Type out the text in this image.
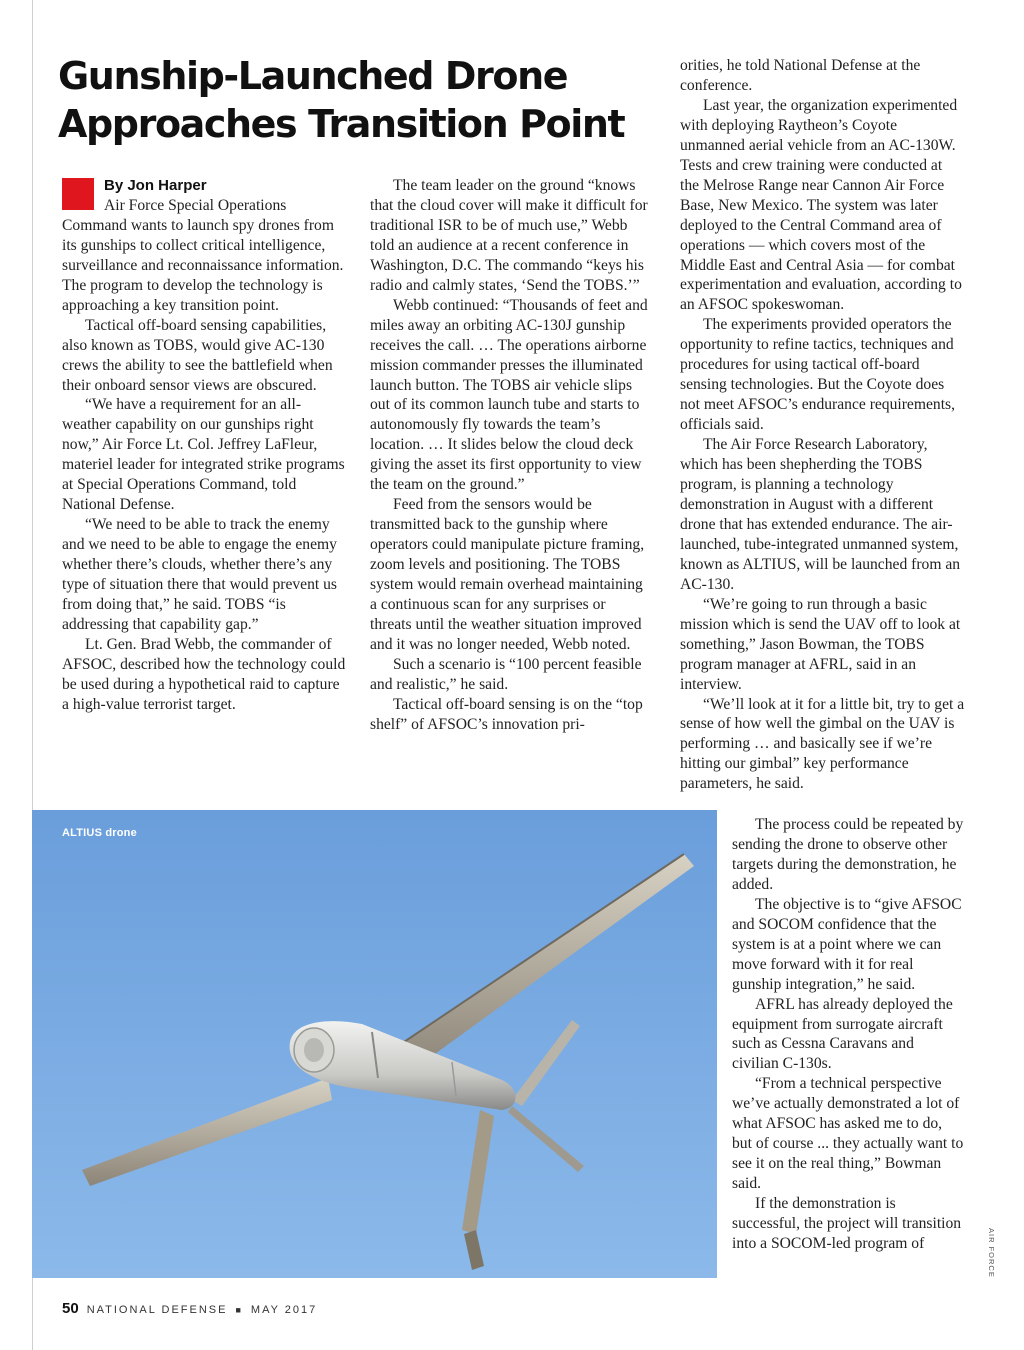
Gunship-Launched Drone Approaches Transition Point
By Jon Harper

Air Force Special Operations Command wants to launch spy drones from its gunships to collect critical intelligence, surveillance and reconnaissance information. The program to develop the technology is approaching a key transition point.

Tactical off-board sensing capabilities, also known as TOBS, would give AC-130 crews the ability to see the battlefield when their onboard sensor views are obscured.

“We have a requirement for an all-weather capability on our gunships right now,” Air Force Lt. Col. Jeffrey LaFleur, materiel leader for integrated strike programs at Special Operations Command, told National Defense.

“We need to be able to track the enemy and we need to be able to engage the enemy whether there’s clouds, whether there’s any type of situation there that would prevent us from doing that,” he said. TOBS “is addressing that capability gap.”

Lt. Gen. Brad Webb, the commander of AFSOC, described how the technology could be used during a hypothetical raid to capture a high-value terrorist target.

The team leader on the ground “knows that the cloud cover will make it difficult for traditional ISR to be of much use,” Webb told an audience at a recent conference in Washington, D.C. The commando “keys his radio and calmly states, ‘Send the TOBS.’”

Webb continued: “Thousands of feet and miles away an orbiting AC-130J gunship receives the call. … The operations airborne mission commander presses the illuminated launch button. The TOBS air vehicle slips out of its common launch tube and starts to autonomously fly towards the team’s location. … It slides below the cloud deck giving the asset its first opportunity to view the team on the ground.”

Feed from the sensors would be transmitted back to the gunship where operators could manipulate picture framing, zoom levels and positioning. The TOBS system would remain overhead maintaining a continuous scan for any surprises or threats until the weather situation improved and it was no longer needed, Webb noted.

Such a scenario is “100 percent feasible and realistic,” he said.

Tactical off-board sensing is on the “top shelf” of AFSOC’s innovation pri-

orities, he told National Defense at the conference.

Last year, the organization experimented with deploying Raytheon’s Coyote unmanned aerial vehicle from an AC-130W. Tests and crew training were conducted at the Melrose Range near Cannon Air Force Base, New Mexico. The system was later deployed to the Central Command area of operations — which covers most of the Middle East and Central Asia — for combat experimentation and evaluation, according to an AFSOC spokeswoman.

The experiments provided operators the opportunity to refine tactics, techniques and procedures for using tactical off-board sensing technologies. But the Coyote does not meet AFSOC’s endurance requirements, officials said.

The Air Force Research Laboratory, which has been shepherding the TOBS program, is planning a technology demonstration in August with a different drone that has extended endurance. The air-launched, tube-integrated unmanned system, known as ALTIUS, will be launched from an AC-130.

“We’re going to run through a basic mission which is send the UAV off to look at something,” Jason Bowman, the TOBS program manager at AFRL, said in an interview.

“We’ll look at it for a little bit, try to get a sense of how well the gimbal on the UAV is performing … and basically see if we’re hitting our gimbal” key performance parameters, he said.

ALTIUS drone	The process could be repeated by sending the drone to observe other targets during the demonstration, he added.

The objective is to “give AFSOC and SOCOM confidence that the system is at a point where we can move forward with it for real gunship integration,” he said.

AFRL has already deployed the equipment from surrogate aircraft such as Cessna Caravans and civilian C-130s.

“From a technical perspective we’ve actually demonstrated a lot of what AFSOC has asked me to do, but of course ... they actually want to see it on the real thing,” Bowman said.

If the demonstration is successful, the project will transition into a SOCOM-led program of

50 NATIONAL DEFENSE ■ MAY 2017
AIR FORCE
